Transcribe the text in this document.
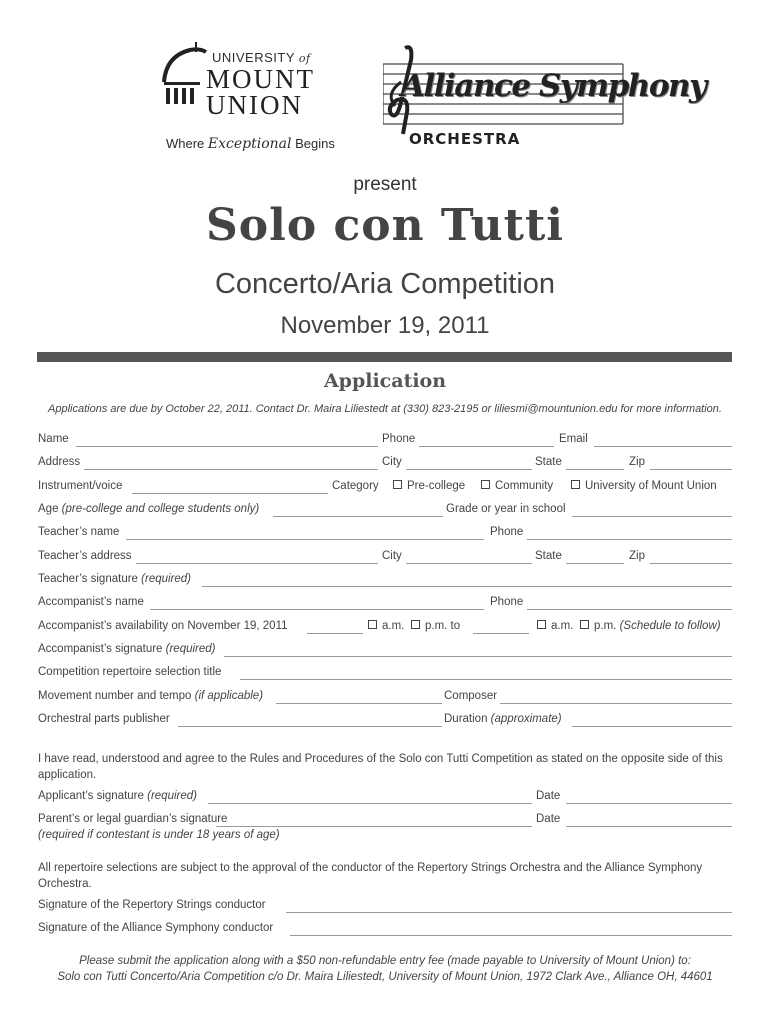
UNIVERSITY of
MOUNT
UNION
Where Exceptional Begins
Alliance Symphony
ORCHESTRA
present
Solo con Tutti
Concerto/Aria Competition
November 19, 2011
Application
Applications are due by October 22, 2011. Contact Dr. Maira Liliestedt at (330) 823-2195 or liliesmi@mountunion.edu for more information.
Name	Phone	Email
Address	City	State	Zip
Instrument/voice	Category	Pre-college	Community	University of Mount Union
Age (pre-college and college students only)	Grade or year in school
Teacher’s name	Phone
Teacher’s address	City	State	Zip
Teacher’s signature (required)
Accompanist’s name	Phone
Accompanist’s availability on November 19, 2011	a.m.	p.m. to	a.m.	p.m. (Schedule to follow)
Accompanist’s signature (required)
Competition repertoire selection title
Movement number and tempo (if applicable)	Composer
Orchestral parts publisher	Duration (approximate)
I have read, understood and agree to the Rules and Procedures of the Solo con Tutti Competition as stated on the opposite side of this application.
Applicant’s signature (required)	Date
Parent’s or legal guardian’s signature	Date
(required if contestant is under 18 years of age)
All repertoire selections are subject to the approval of the conductor of the Repertory Strings Orchestra and the Alliance Symphony Orchestra.
Signature of the Repertory Strings conductor
Signature of the Alliance Symphony conductor
Please submit the application along with a $50 non-refundable entry fee (made payable to University of Mount Union) to:
Solo con Tutti Concerto/Aria Competition c/o Dr. Maira Liliestedt, University of Mount Union, 1972 Clark Ave., Alliance OH, 44601
